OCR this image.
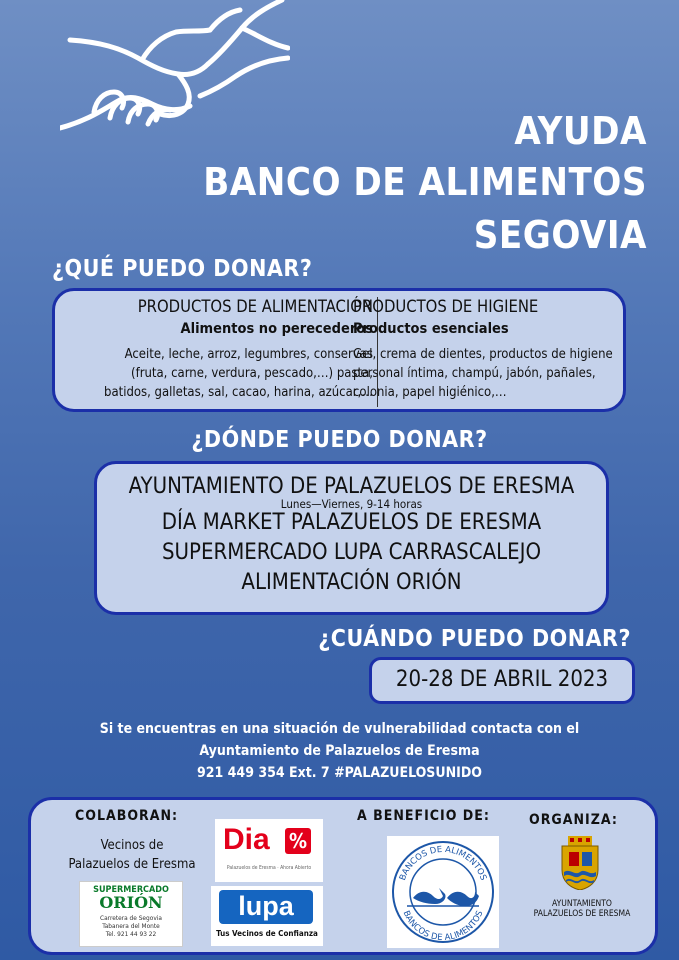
AYUDA
BANCO DE ALIMENTOS
SEGOVIA
¿QUÉ PUEDO DONAR?
PRODUCTOS DE ALIMENTACIÓN
Alimentos no perecederos
Aceite, leche, arroz, legumbres, conservas
(fruta, carne, verdura, pescado,…) pasta,
batidos, galletas, sal, cacao, harina, azúcar,…
PRODUCTOS DE HIGIENE
Productos esenciales
Gel, crema de dientes, productos de higiene
personal íntima, champú, jabón, pañales,
colonia, papel higiénico,…
¿DÓNDE PUEDO DONAR?
AYUNTAMIENTO DE PALAZUELOS DE ERESMA
Lunes—Viernes, 9-14 horas
DÍA MARKET PALAZUELOS DE ERESMA
SUPERMERCADO LUPA CARRASCALEJO
ALIMENTACIÓN ORIÓN
¿CUÁNDO PUEDO DONAR?
20-28 DE ABRIL 2023
Si te encuentras en una situación de vulnerabilidad contacta con el
Ayuntamiento de Palazuelos de Eresma
921 449 354 Ext. 7 #PALAZUELOSUNIDO
COLABORAN:
Vecinos de
Palazuelos de Eresma
SUPERMERCADO
ORIÓN
Carretera de Segovia
Tabanera del Monte
Tel. 921 44 93 22
Dia %
Palazuelos de Eresma · Ahora Abierto
lupa
Tus Vecinos de Confianza
A BENEFICIO DE:
BANCOS DE ALIMENTOS
BANCOS DE ALIMENTOS
ORGANIZA:
AYUNTAMIENTO
PALAZUELOS DE ERESMA
